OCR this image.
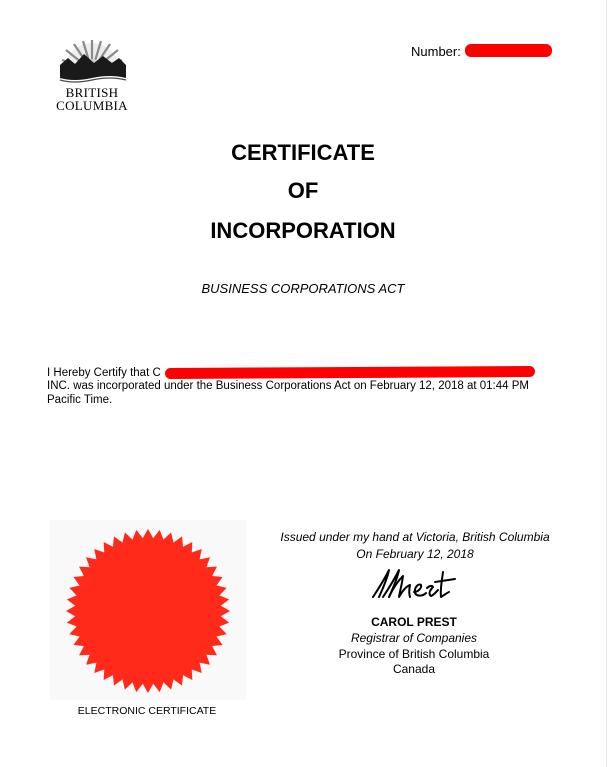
BRITISH
COLUMBIA
Number:
CERTIFICATE
OF
INCORPORATION
BUSINESS CORPORATIONS ACT
I Hereby Certify that C
INC. was incorporated under the Business Corporations Act on February 12, 2018 at 01:44 PM
Pacific Time.
ELECTRONIC CERTIFICATE
Issued under my hand at Victoria, British Columbia
On February 12, 2018
CAROL PREST
Registrar of Companies
Province of British Columbia
Canada
